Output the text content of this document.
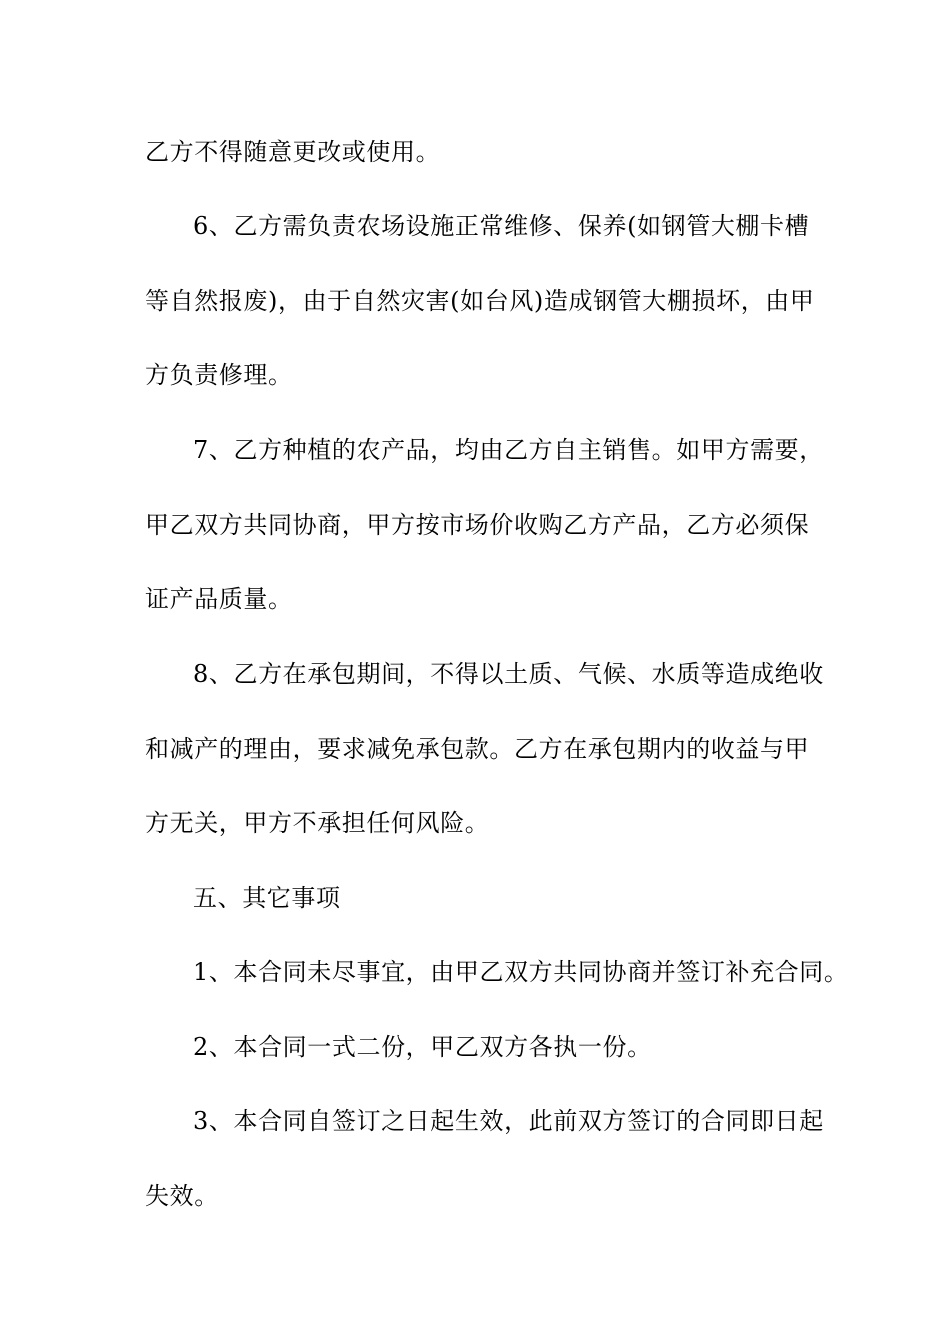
乙方不得随意更改或使用。
6、乙方需负责农场设施正常维修、保养(如钢管大棚卡槽
等自然报废)，由于自然灾害(如台风)造成钢管大棚损坏，由甲
方负责修理。
7、乙方种植的农产品，均由乙方自主销售。如甲方需要，
甲乙双方共同协商，甲方按市场价收购乙方产品，乙方必须保
证产品质量。
8、乙方在承包期间，不得以土质、气候、水质等造成绝收
和减产的理由，要求减免承包款。乙方在承包期内的收益与甲
方无关，甲方不承担任何风险。
五、其它事项
1、本合同未尽事宜，由甲乙双方共同协商并签订补充合同。
2、本合同一式二份，甲乙双方各执一份。
3、本合同自签订之日起生效，此前双方签订的合同即日起
失效。
